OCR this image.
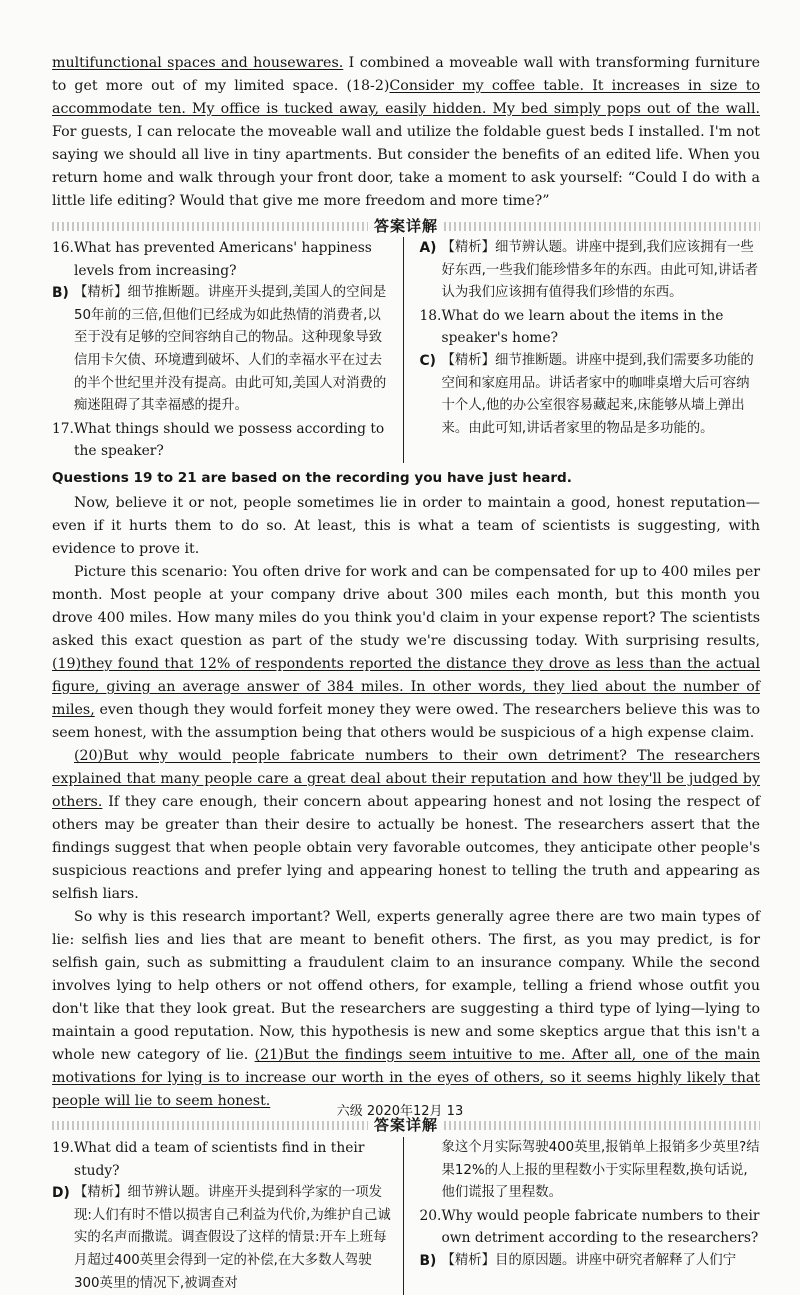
multifunctional spaces and housewares. I combined a moveable wall with transforming furniture to get more out of my limited space. (18-2)Consider my coffee table. It increases in size to accommodate ten. My office is tucked away, easily hidden. My bed simply pops out of the wall. For guests, I can relocate the moveable wall and utilize the foldable guest beds I installed. I'm not saying we should all live in tiny apartments. But consider the benefits of an edited life. When you return home and walk through your front door, take a moment to ask yourself: “Could I do with a little life editing? Would that give me more freedom and more time?”

答案详解
16. What has prevented Americans' happiness levels from increasing?
B) 【精析】细节推断题。讲座开头提到,美国人的空间是50年前的三倍,但他们已经成为如此热情的消费者,以至于没有足够的空间容纳自己的物品。这种现象导致信用卡欠债、环境遭到破坏、人们的幸福水平在过去的半个世纪里并没有提高。由此可知,美国人对消费的痴迷阻碍了其幸福感的提升。
17. What things should we possess according to the speaker?
A) 【精析】细节辨认题。讲座中提到,我们应该拥有一些好东西,一些我们能珍惜多年的东西。由此可知,讲话者认为我们应该拥有值得我们珍惜的东西。
18. What do we learn about the items in the speaker's home?
C) 【精析】细节推断题。讲座中提到,我们需要多功能的空间和家庭用品。讲话者家中的咖啡桌增大后可容纳十个人,他的办公室很容易藏起来,床能够从墙上弹出来。由此可知,讲话者家里的物品是多功能的。
Questions 19 to 21 are based on the recording you have just heard.

Now, believe it or not, people sometimes lie in order to maintain a good, honest reputation—even if it hurts them to do so. At least, this is what a team of scientists is suggesting, with evidence to prove it.

Picture this scenario: You often drive for work and can be compensated for up to 400 miles per month. Most people at your company drive about 300 miles each month, but this month you drove 400 miles. How many miles do you think you'd claim in your expense report? The scientists asked this exact question as part of the study we're discussing today. With surprising results, (19)they found that 12% of respondents reported the distance they drove as less than the actual figure, giving an average answer of 384 miles. In other words, they lied about the number of miles, even though they would forfeit money they were owed. The researchers believe this was to seem honest, with the assumption being that others would be suspicious of a high expense claim.

(20)But why would people fabricate numbers to their own detriment? The researchers explained that many people care a great deal about their reputation and how they'll be judged by others. If they care enough, their concern about appearing honest and not losing the respect of others may be greater than their desire to actually be honest. The researchers assert that the findings suggest that when people obtain very favorable outcomes, they anticipate other people's suspicious reactions and prefer lying and appearing honest to telling the truth and appearing as selfish liars.

So why is this research important? Well, experts generally agree there are two main types of lie: selfish lies and lies that are meant to benefit others. The first, as you may predict, is for selfish gain, such as submitting a fraudulent claim to an insurance company. While the second involves lying to help others or not offend others, for example, telling a friend whose outfit you don't like that they look great. But the researchers are suggesting a third type of lying—lying to maintain a good reputation. Now, this hypothesis is new and some skeptics argue that this isn't a whole new category of lie. (21)But the findings seem intuitive to me. After all, one of the main motivations for lying is to increase our worth in the eyes of others, so it seems highly likely that people will lie to seem honest.

答案详解
19. What did a team of scientists find in their study?
D) 【精析】细节辨认题。讲座开头提到科学家的一项发现:人们有时不惜以损害自己利益为代价,为维护自己诚实的名声而撒谎。调查假设了这样的情景:开车上班每月超过400英里会得到一定的补偿,在大多数人驾驶300英里的情况下,被调查对
象这个月实际驾驶400英里,报销单上报销多少英里?结果12%的人上报的里程数小于实际里程数,换句话说,他们谎报了里程数。
20. Why would people fabricate numbers to their own detriment according to the researchers?
B) 【精析】目的原因题。讲座中研究者解释了人们宁
六级 2020年12月 13
